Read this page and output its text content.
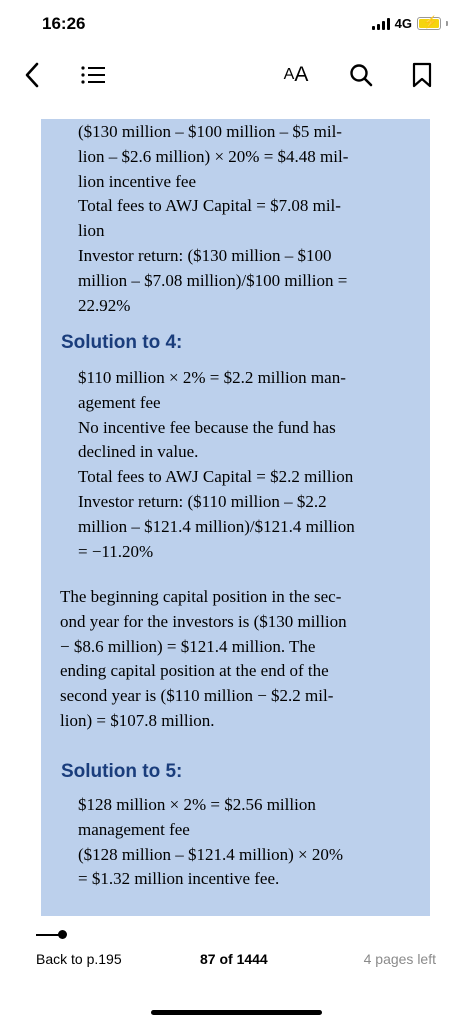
16:26	4G ⚡
A A
($130 million – $100 million – $5 mil-
lion – $2.6 million) × 20% = $4.48 mil-
lion incentive fee
Total fees to AWJ Capital = $7.08 mil-
lion
Investor return: ($130 million – $100
million – $7.08 million)/$100 million =
22.92%
Solution to 4:
$110 million × 2% = $2.2 million man-
agement fee
No incentive fee because the fund has
declined in value.
Total fees to AWJ Capital = $2.2 million
Investor return: ($110 million – $2.2
million – $121.4 million)/$121.4 million
= −11.20%
The beginning capital position in the sec-
ond year for the investors is ($130 million
− $8.6 million) = $121.4 million. The
ending capital position at the end of the
second year is ($110 million − $2.2 mil-
lion) = $107.8 million.
Solution to 5:
$128 million × 2% = $2.56 million
management fee
($128 million – $121.4 million) × 20%
= $1.32 million incentive fee.
Back to p.195	87 of 1444	4 pages left
